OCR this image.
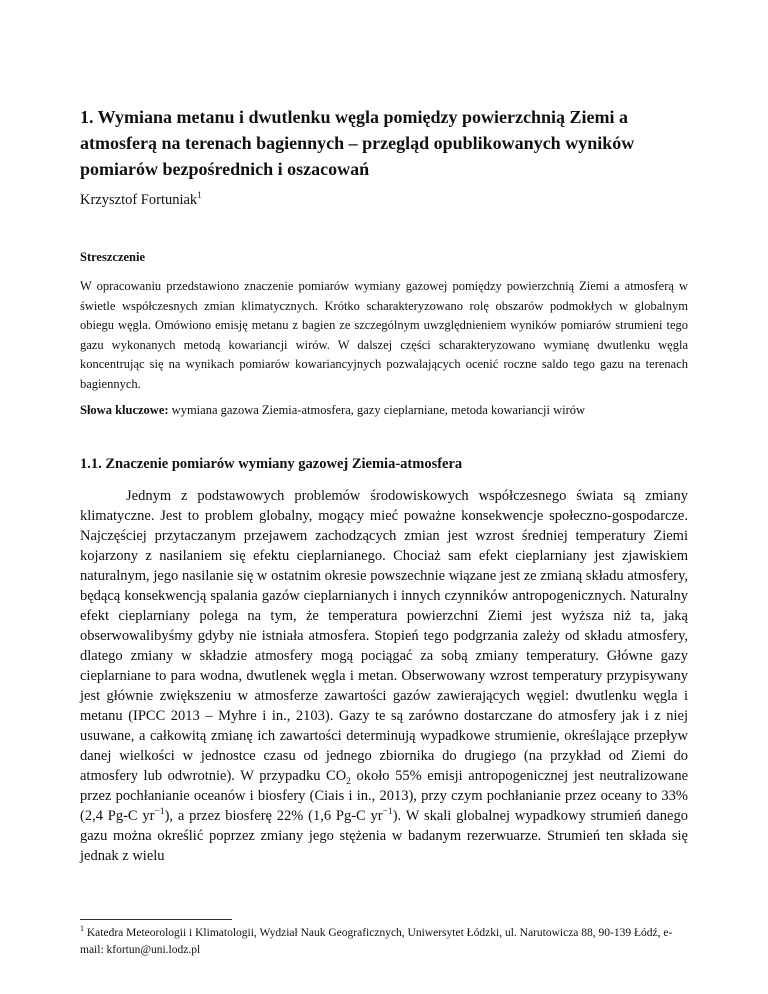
1. Wymiana metanu i dwutlenku węgla pomiędzy powierzchnią Ziemi a atmosferą na terenach bagiennych – przegląd opublikowanych wyników pomiarów bezpośrednich i oszacowań
Krzysztof Fortuniak$^1$
Streszczenie

W opracowaniu przedstawiono znaczenie pomiarów wymiany gazowej pomiędzy powierzchnią Ziemi a atmosferą w świetle współczesnych zmian klimatycznych. Krótko scharakteryzowano rolę obszarów podmokłych w globalnym obiegu węgla. Omówiono emisję metanu z bagien ze szczególnym uwzględnieniem wyników pomiarów strumieni tego gazu wykonanych metodą kowariancji wirów. W dalszej części scharakteryzowano wymianę dwutlenku węgla koncentrując się na wynikach pomiarów kowariancyjnych pozwalających ocenić roczne saldo tego gazu na terenach bagiennych.

Słowa kluczowe: wymiana gazowa Ziemia-atmosfera, gazy cieplarniane, metoda kowariancji wirów
1.1. Znaczenie pomiarów wymiany gazowej Ziemia-atmosfera

Jednym z podstawowych problemów środowiskowych współczesnego świata są zmiany klimatyczne. Jest to problem globalny, mogący mieć poważne konsekwencje społeczno-gospodarcze. Najczęściej przytaczanym przejawem zachodzących zmian jest wzrost średniej temperatury Ziemi kojarzony z nasilaniem się efektu cieplarnianego. Chociaż sam efekt cieplarniany jest zjawiskiem naturalnym, jego nasilanie się w ostatnim okresie powszechnie wiązane jest ze zmianą składu atmosfery, będącą konsekwencją spalania gazów cieplarnianych i innych czynników antropogenicznych. Naturalny efekt cieplarniany polega na tym, że temperatura powierzchni Ziemi jest wyższa niż ta, jaką obserwowalibyśmy gdyby nie istniała atmosfera. Stopień tego podgrzania zależy od składu atmosfery, dlatego zmiany w składzie atmosfery mogą pociągać za sobą zmiany temperatury. Główne gazy cieplarniane to para wodna, dwutlenek węgla i metan. Obserwowany wzrost temperatury przypisywany jest głównie zwiększeniu w atmosferze zawartości gazów zawierających węgiel: dwutlenku węgla i metanu (IPCC 2013 – Myhre i in., 2103). Gazy te są zarówno dostarczane do atmosfery jak i z niej usuwane, a całkowitą zmianę ich zawartości determinują wypadkowe strumienie, określające przepływ danej wielkości w jednostce czasu od jednego zbiornika do drugiego (na przykład od Ziemi do atmosfery lub odwrotnie). W przypadku $CO_2$ około 55% emisji antropogenicznej jest neutralizowane przez pochłanianie oceanów i biosfery (Ciais i in., 2013), przy czym pochłanianie przez oceany to 33% (2,4 Pg-C $yr^{-1}$), a przez biosferę 22% (1,6 Pg-C $yr^{-1}$). W skali globalnej wypadkowy strumień danego gazu można określić poprzez zmiany jego stężenia w badanym rezerwuarze. Strumień ten składa się jednak z wielu

$^1$ Katedra Meteorologii i Klimatologii, Wydział Nauk Geograficznych, Uniwersytet Łódzki, ul. Narutowicza 88, 90-139 Łódź, e-mail: kfortun@uni.lodz.pl
